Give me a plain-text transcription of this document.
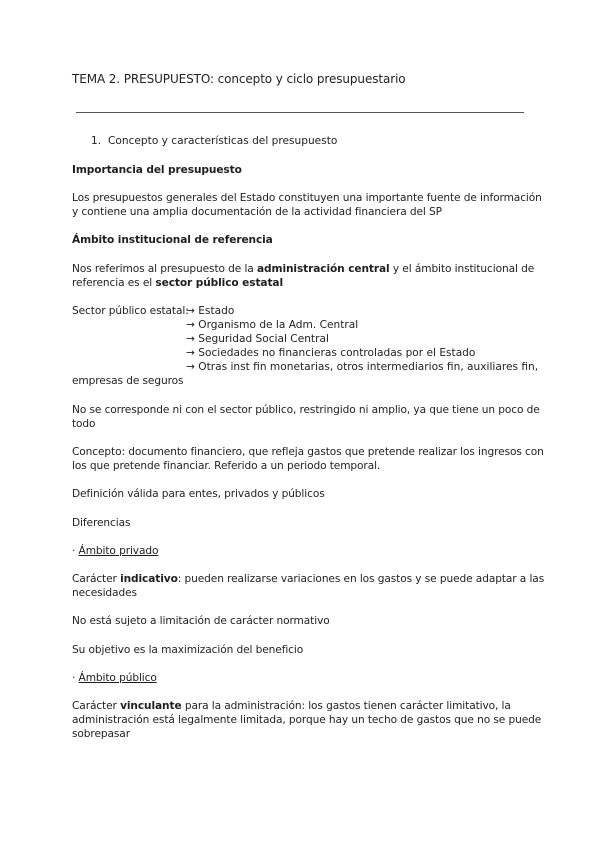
TEMA 2. PRESUPUESTO: concepto y ciclo presupuestario
1. Concepto y características del presupuesto
Importancia del presupuesto
Los presupuestos generales del Estado constituyen una importante fuente de información
y contiene una amplia documentación de la actividad financiera del SP
Ámbito institucional de referencia
Nos referimos al presupuesto de la administración central y el ámbito institucional de
referencia es el sector público estatal
Sector público estatal:
→ Estado
→ Organismo de la Adm. Central
→ Seguridad Social Central
→ Sociedades no financieras controladas por el Estado
→ Otras inst fin monetarias, otros intermediarios fin, auxiliares fin,
empresas de seguros
No se corresponde ni con el sector público, restringido ni amplio, ya que tiene un poco de
todo
Concepto: documento financiero, que refleja gastos que pretende realizar los ingresos con
los que pretende financiar. Referido a un periodo temporal.
Definición válida para entes, privados y públicos
Diferencias
· Ámbito privado
Carácter indicativo: pueden realizarse variaciones en los gastos y se puede adaptar a las
necesidades
No está sujeto a limitación de carácter normativo
Su objetivo es la maximización del beneficio
· Ámbito público
Carácter vinculante para la administración: los gastos tienen carácter limitativo, la
administración está legalmente limitada, porque hay un techo de gastos que no se puede
sobrepasar
